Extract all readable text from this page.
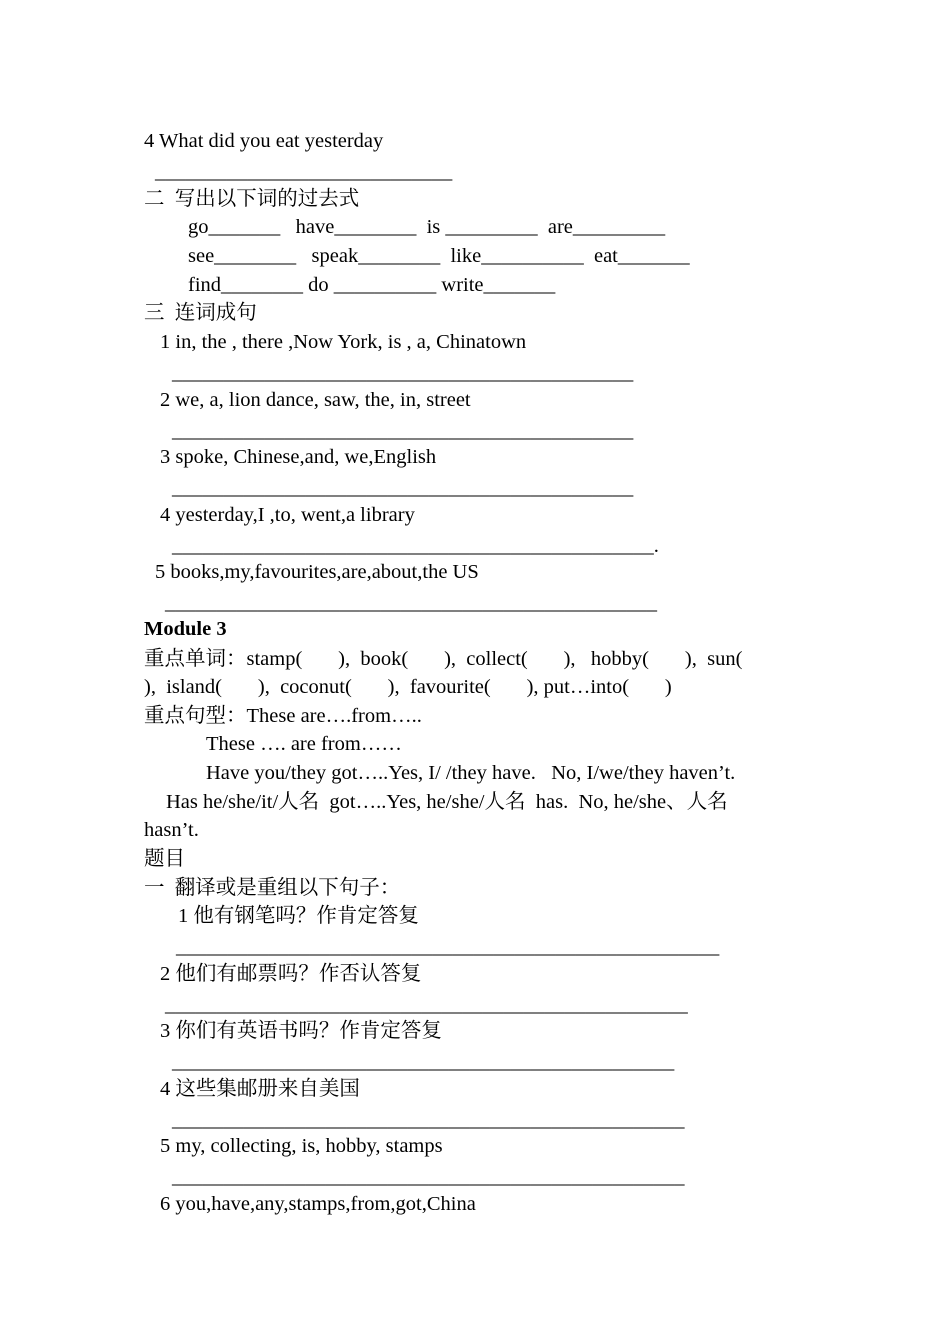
4 What did you eat yesterday
_____________________________
二  写出以下词的过去式
go_______   have________  is _________  are_________
see________   speak________  like__________  eat_______
find________ do __________ write_______
三  连词成句
1 in, the , there ,Now York, is , a, Chinatown
_____________________________________________
2 we, a, lion dance, saw, the, in, street
_____________________________________________
3 spoke, Chinese,and, we,English
_____________________________________________
4 yesterday,I ,to, went,a library
_______________________________________________.
5 books,my,favourites,are,about,the US
________________________________________________
Module 3
重点单词：stamp(       ),  book(       ),  collect(       ),   hobby(       ),  sun(
),  island(       ),  coconut(       ),  favourite(       ), put…into(       )
重点句型：These are….from…..
These …. are from……
Have you/they got…..Yes, I/ /they have.   No, I/we/they haven’t.
Has he/she/it/人名  got…..Yes, he/she/人名  has.  No, he/she、人名
hasn’t.
题目
一  翻译或是重组以下句子：
1 他有钢笔吗？作肯定答复
_____________________________________________________
2 他们有邮票吗？作否认答复
___________________________________________________
3 你们有英语书吗？作肯定答复
_________________________________________________
4 这些集邮册来自美国
__________________________________________________
5 my, collecting, is, hobby, stamps
__________________________________________________
6 you,have,any,stamps,from,got,China
